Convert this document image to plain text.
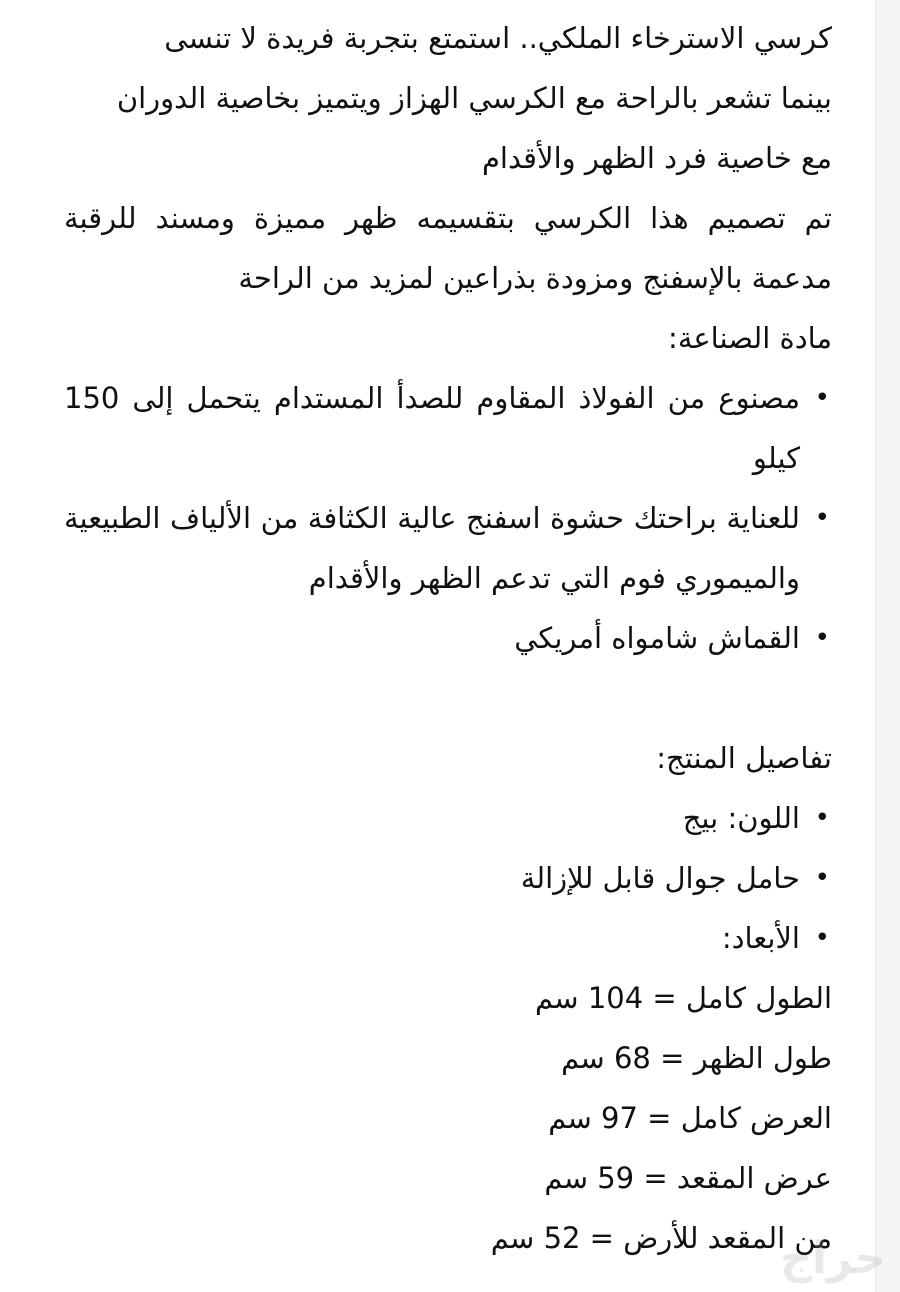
كرسي الاسترخاء الملكي.. استمتع بتجربة فريدة لا تنسى

بينما تشعر بالراحة مع الكرسي الهزاز ويتميز بخاصية الدوران

مع خاصية فرد الظهر والأقدام

تم تصميم هذا الكرسي بتقسيمه ظهر مميزة ومسند للرقبة مدعمة بالإسفنج ومزودة بذراعين لمزيد من الراحة

مادة الصناعة:

• مصنوع من الفولاذ المقاوم للصدأ المستدام يتحمل إلى 150 كيلو
• للعناية براحتك حشوة اسفنج عالية الكثافة من الألياف الطبيعية والميموري فوم التي تدعم الظهر والأقدام
• القماش شامواه أمريكي

تفاصيل المنتج:

• اللون: بيج
• حامل جوال قابل للإزالة
• الأبعاد:

الطول كامل = 104 سم

طول الظهر = 68 سم

العرض كامل = 97 سم

عرض المقعد = 59 سم

من المقعد للأرض = 52 سم

حراج
